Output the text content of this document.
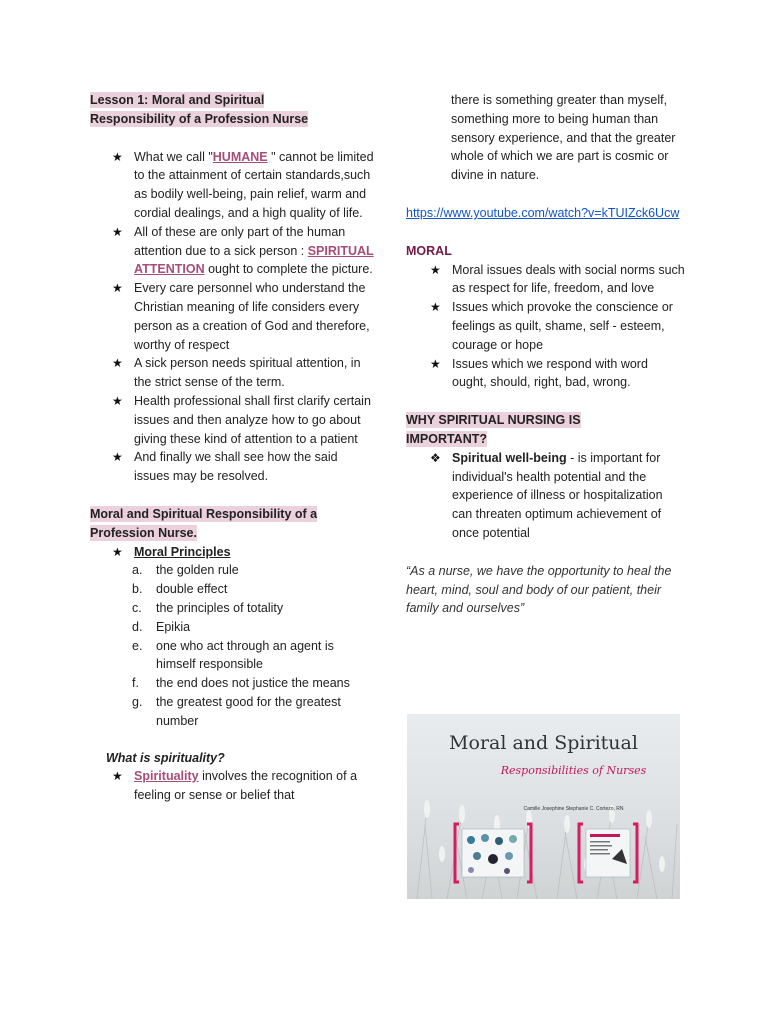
Lesson 1: Moral and Spiritual
Responsibility of a Profession Nurse
★ What we call "HUMANE " cannot be limited to the attainment of certain standards,such as bodily well-being, pain relief, warm and cordial dealings, and a high quality of life.
★ All of these are only part of the human attention due to a sick person : SPIRITUAL ATTENTION ought to complete the picture.
★ Every care personnel who understand the Christian meaning of life considers every person as a creation of God and therefore, worthy of respect
★ A sick person needs spiritual attention, in the strict sense of the term.
★ Health professional shall first clarify certain issues and then analyze how to go about giving these kind of attention to a patient
★ And finally we shall see how the said issues may be resolved.
Moral and Spiritual Responsibility of a
Profession Nurse.
★ Moral Principles
a. the golden rule
b. double effect
c. the principles of totality
d. Epikia
e. one who act through an agent is himself responsible
f. the end does not justice the means
g. the greatest good for the greatest number
What is spirituality?
★ Spirituality involves the recognition of a feeling or sense or belief that
there is something greater than myself, something more to being human than sensory experience, and that the greater whole of which we are part is cosmic or divine in nature.
https://www.youtube.com/watch?v=kTUIZck6Ucw
MORAL
★ Moral issues deals with social norms such as respect for life, freedom, and love
★ Issues which provoke the conscience or feelings as quilt, shame, self - esteem, courage or hope
★ Issues which we respond with word ought, should, right, bad, wrong.
WHY SPIRITUAL NURSING IS
IMPORTANT?
❖ Spiritual well-being - is important for individual's health potential and the experience of illness or hospitalization can threaten optimum achievement of once potential
“As a nurse, we have the opportunity to heal the heart, mind, soul and body of our patient, their family and ourselves”
Moral and Spiritual
Responsibilities of Nurses
Camille Josephine Stephanie C. Cortezo, RN
